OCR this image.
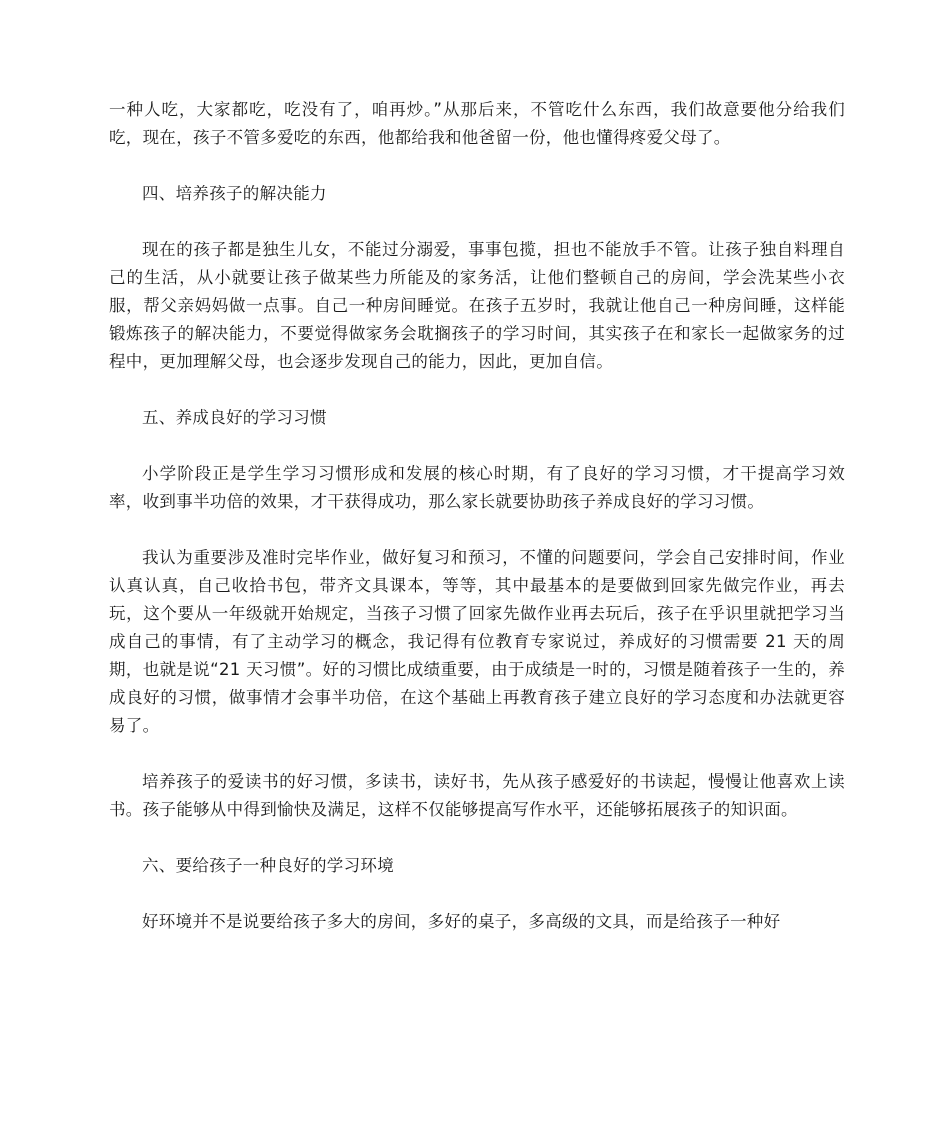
一种人吃，大家都吃，吃没有了，咱再炒。”从那后来，不管吃什么东西，我们故意要他分给我们吃，现在，孩子不管多爱吃的东西，他都给我和他爸留一份，他也懂得疼爱父母了。

四、培养孩子的解决能力

现在的孩子都是独生儿女，不能过分溺爱，事事包揽，担也不能放手不管。让孩子独自料理自己的生活，从小就要让孩子做某些力所能及的家务活，让他们整顿自己的房间，学会洗某些小衣服，帮父亲妈妈做一点事。自己一种房间睡觉。在孩子五岁时，我就让他自己一种房间睡，这样能锻炼孩子的解决能力，不要觉得做家务会耽搁孩子的学习时间，其实孩子在和家长一起做家务的过程中，更加理解父母，也会逐步发现自己的能力，因此，更加自信。

五、养成良好的学习习惯

小学阶段正是学生学习习惯形成和发展的核心时期，有了良好的学习习惯，才干提高学习效率，收到事半功倍的效果，才干获得成功，那么家长就要协助孩子养成良好的学习习惯。

我认为重要涉及准时完毕作业，做好复习和预习，不懂的问题要问，学会自己安排时间，作业认真认真，自己收拾书包，带齐文具课本，等等，其中最基本的是要做到回家先做完作业，再去玩，这个要从一年级就开始规定，当孩子习惯了回家先做作业再去玩后，孩子在乎识里就把学习当成自己的事情，有了主动学习的概念，我记得有位教育专家说过，养成好的习惯需要 21 天的周期，也就是说“21 天习惯”。好的习惯比成绩重要，由于成绩是一时的，习惯是随着孩子一生的，养成良好的习惯，做事情才会事半功倍，在这个基础上再教育孩子建立良好的学习态度和办法就更容易了。

培养孩子的爱读书的好习惯，多读书，读好书，先从孩子感爱好的书读起，慢慢让他喜欢上读书。孩子能够从中得到愉快及满足，这样不仅能够提高写作水平，还能够拓展孩子的知识面。

六、要给孩子一种良好的学习环境

好环境并不是说要给孩子多大的房间，多好的桌子，多高级的文具，而是给孩子一种好
